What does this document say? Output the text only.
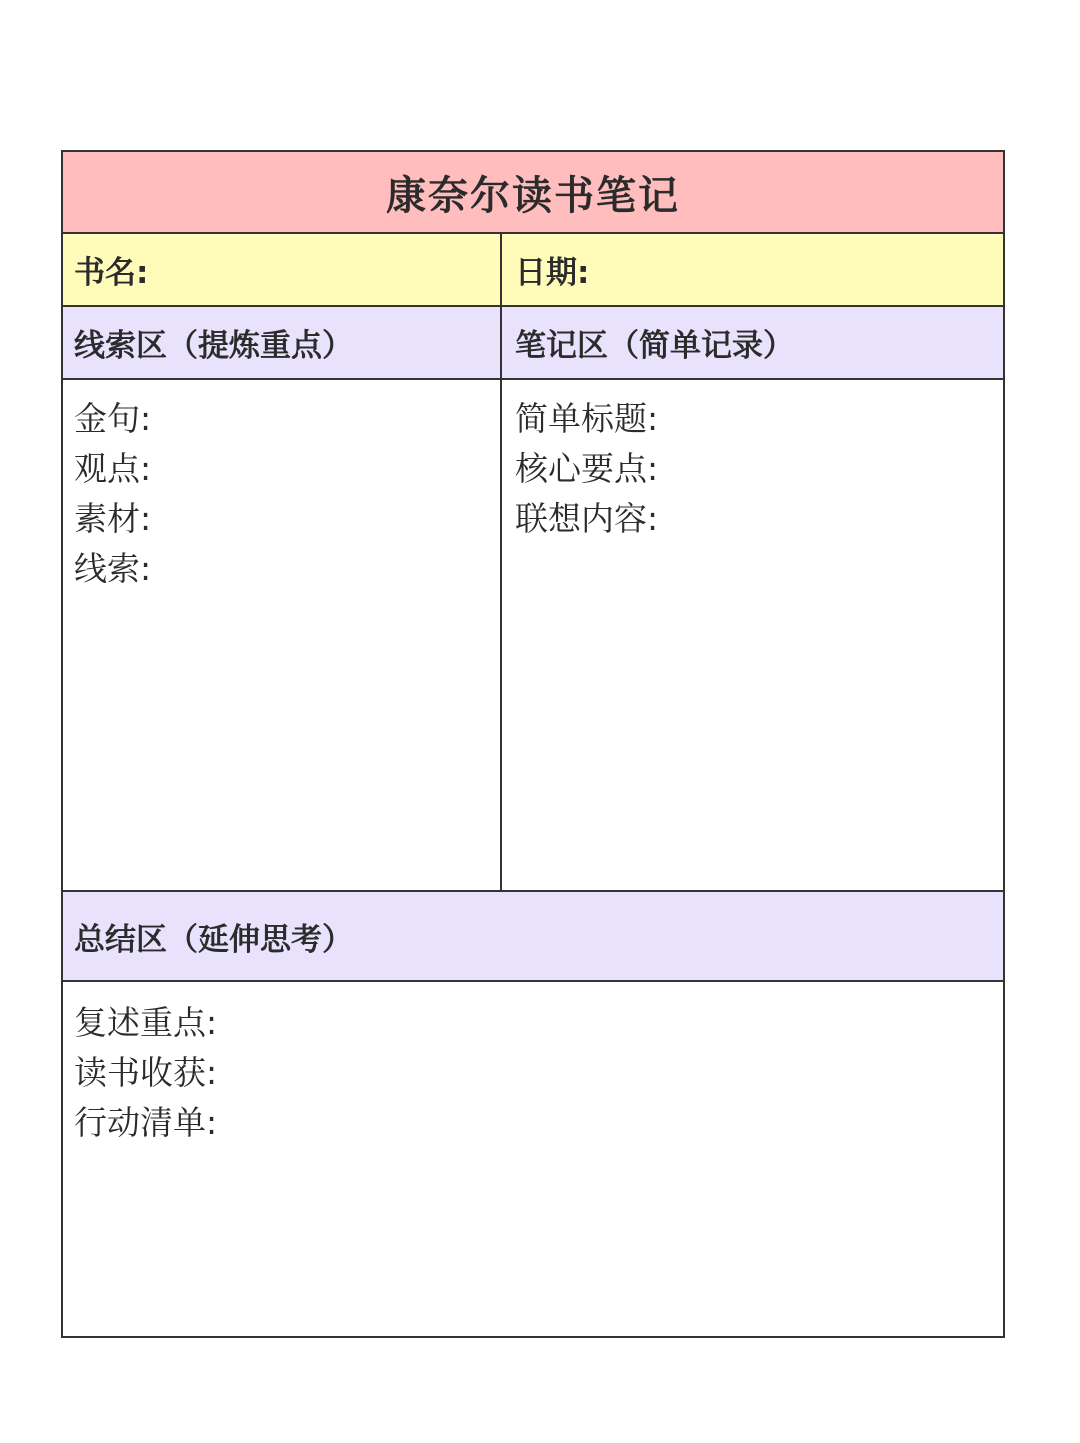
康奈尔读书笔记
书名:	日期:
线索区（提炼重点）	笔记区（简单记录）
金句:
观点:
素材:
线索:
简单标题:
核心要点:
联想内容:
总结区（延伸思考）
复述重点:
读书收获:
行动清单:
